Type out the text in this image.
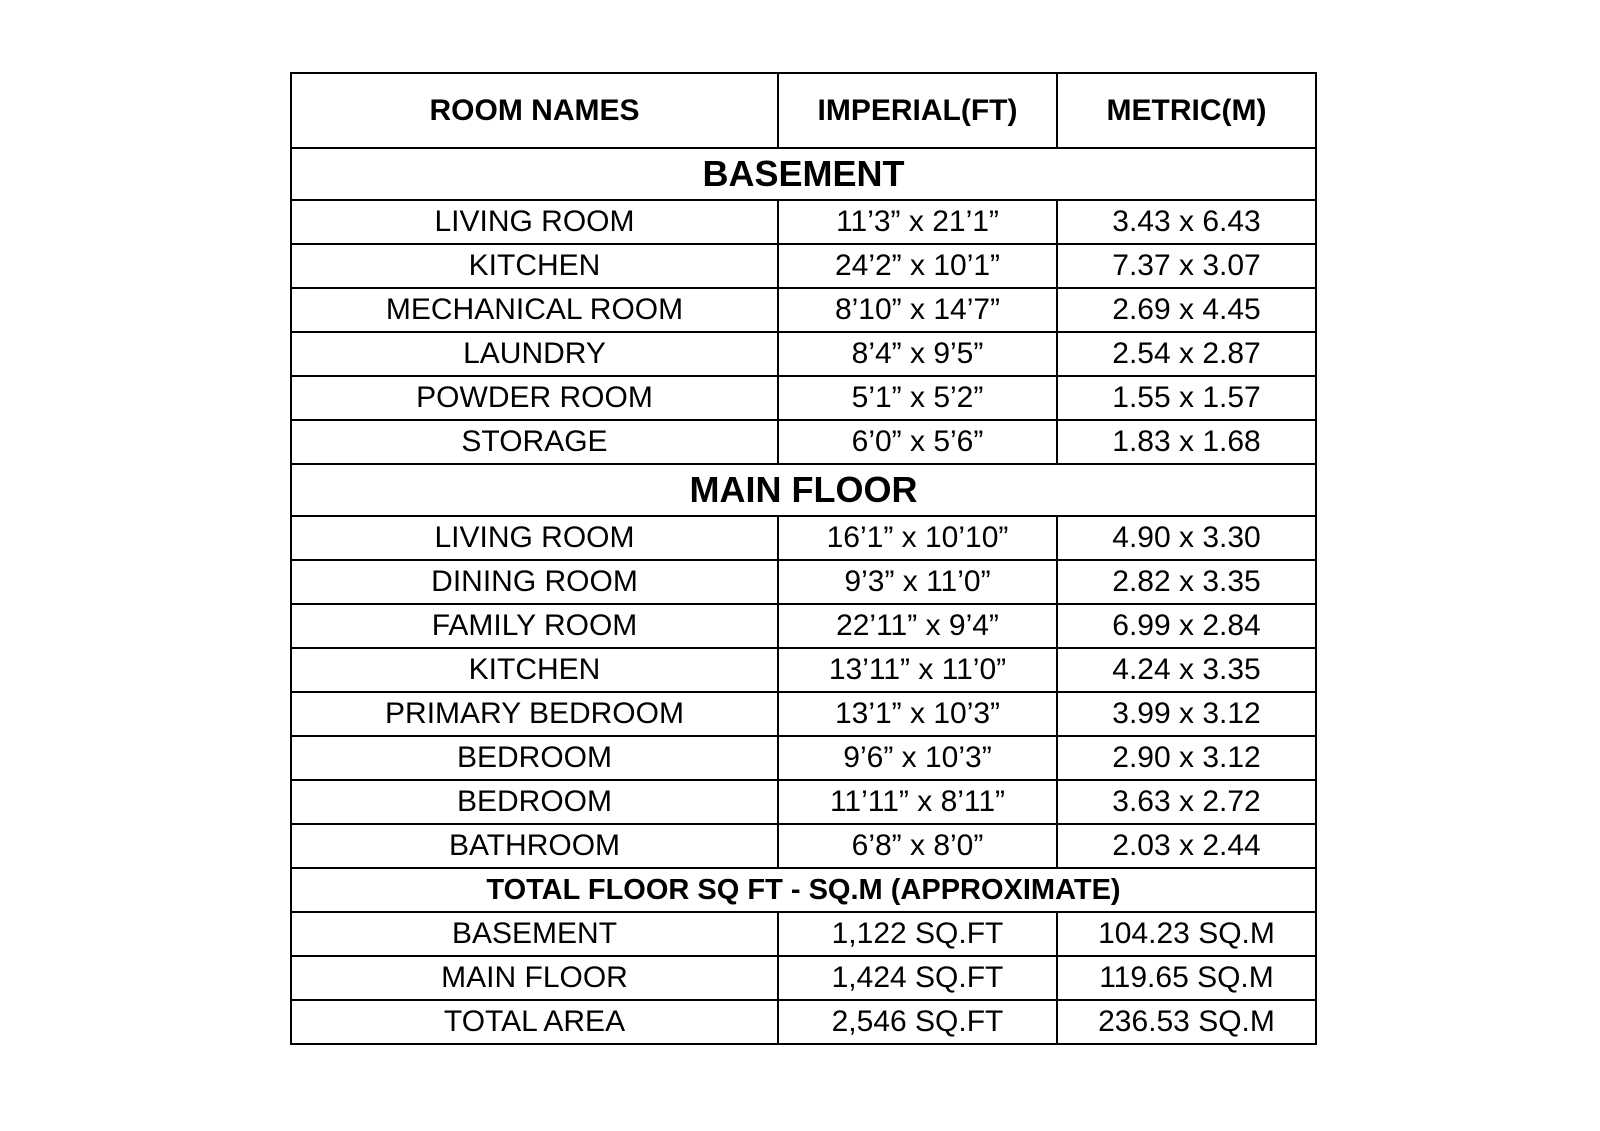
ROOM NAMES	IMPERIAL(FT)	METRIC(M)
BASEMENT		
LIVING ROOM	11’3” x 21’1”	3.43 x 6.43
KITCHEN	24’2” x 10’1”	7.37 x 3.07
MECHANICAL ROOM	8’10” x 14’7”	2.69 x 4.45
LAUNDRY	8’4” x 9’5”	2.54 x 2.87
POWDER ROOM	5’1” x 5’2”	1.55 x 1.57
STORAGE	6’0” x 5’6”	1.83 x 1.68
MAIN FLOOR		
LIVING ROOM	16’1” x 10’10”	4.90 x 3.30
DINING ROOM	9’3” x 11’0”	2.82 x 3.35
FAMILY ROOM	22’11” x 9’4”	6.99 x 2.84
KITCHEN	13’11” x 11’0”	4.24 x 3.35
PRIMARY BEDROOM	13’1” x 10’3”	3.99 x 3.12
BEDROOM	9’6” x 10’3”	2.90 x 3.12
BEDROOM	11’11” x 8’11”	3.63 x 2.72
BATHROOM	6’8” x 8’0”	2.03 x 2.44
TOTAL FLOOR SQ FT - SQ.M (APPROXIMATE)		
BASEMENT	1,122 SQ.FT	104.23 SQ.M
MAIN FLOOR	1,424 SQ.FT	119.65 SQ.M
TOTAL AREA	2,546 SQ.FT	236.53 SQ.M
